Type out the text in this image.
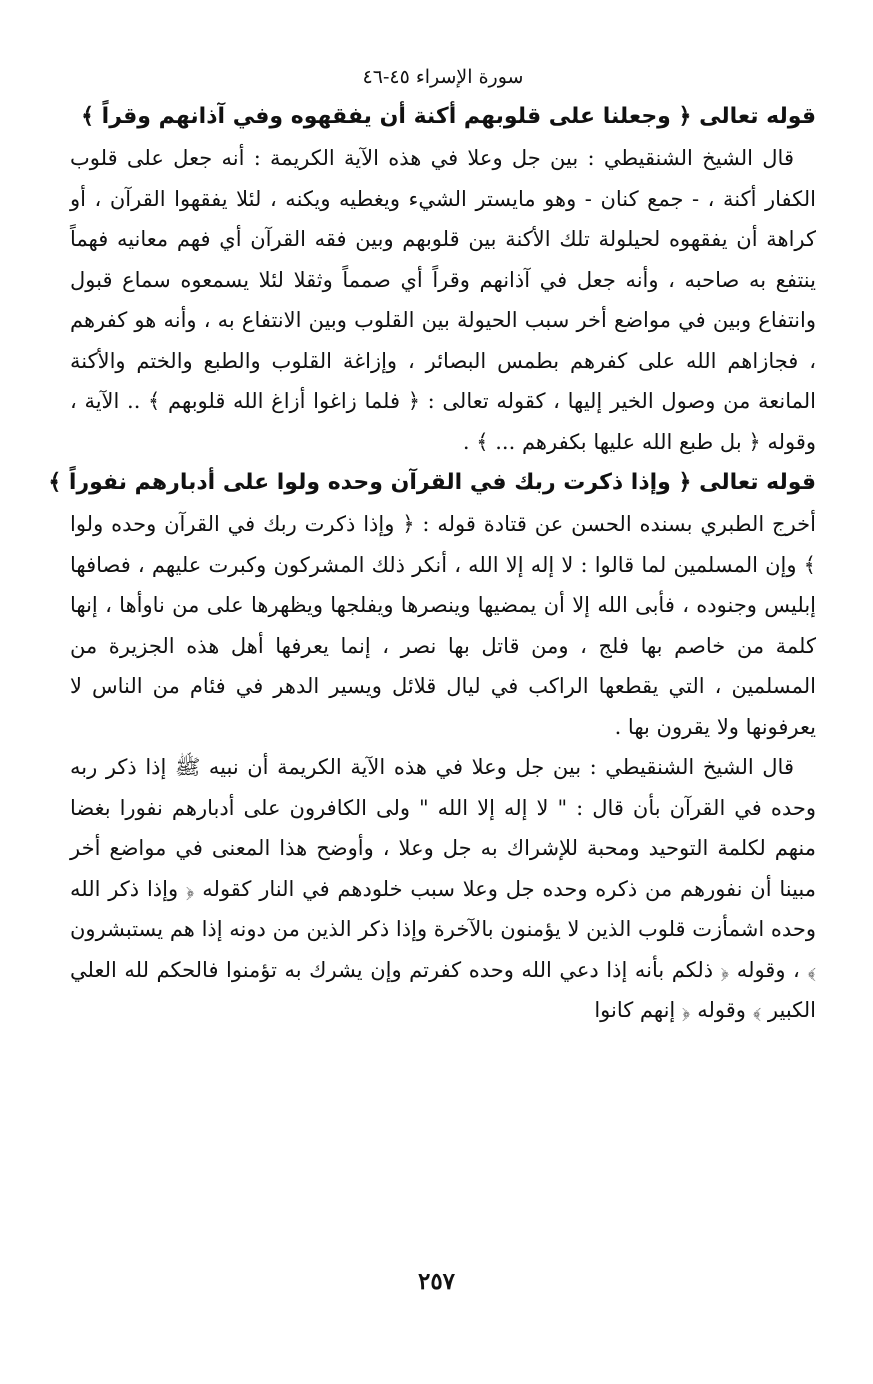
سورة الإسراء ٤٥-٤٦
قوله تعالى ﴿ وجعلنا على قلوبهم أكنة أن يفقهوه وفي آذانهم وقراً ﴾

قال الشيخ الشنقيطي : بين جل وعلا في هذه الآية الكريمة : أنه جعل على قلوب الكفار أكنة ، - جمع كنان - وهو مايستر الشيء ويغطيه ويكنه ، لئلا يفقهوا القرآن ، أو كراهة أن يفقهوه لحيلولة تلك الأكنة بين قلوبهم وبين فقه القرآن أي فهم معانيه فهماً ينتفع به صاحبه ، وأنه جعل في آذانهم وقراً أي صمماً وثقلا لئلا يسمعوه سماع قبول وانتفاع وبين في مواضع أخر سبب الحيولة بين القلوب وبين الانتفاع به ، وأنه هو كفرهم ، فجازاهم الله على كفرهم بطمس البصائر ، وإزاغة القلوب والطبع والختم والأكنة المانعة من وصول الخير إليها ، كقوله تعالى : ﴿ فلما زاغوا أزاغ الله قلوبهم ﴾ .. الآية ، وقوله ﴿ بل طبع الله عليها بكفرهم ... ﴾ .

قوله تعالى ﴿ وإذا ذكرت ربك في القرآن وحده ولوا على أدبارهم نفوراً ﴾

أخرج الطبري بسنده الحسن عن قتادة قوله : ﴿ وإذا ذكرت ربك في القرآن وحده ولوا ﴾ وإن المسلمين لما قالوا : لا إله إلا الله ، أنكر ذلك المشركون وكبرت عليهم ، فصافها إبليس وجنوده ، فأبى الله إلا أن يمضيها وينصرها ويفلجها ويظهرها على من ناوأها ، إنها كلمة من خاصم بها فلج ، ومن قاتل بها نصر ، إنما يعرفها أهل هذه الجزيرة من المسلمين ، التي يقطعها الراكب في ليال قلائل ويسير الدهر في فئام من الناس لا يعرفونها ولا يقرون بها .

قال الشيخ الشنقيطي : بين جل وعلا في هذه الآية الكريمة أن نبيه ﷺ إذا ذكر ربه وحده في القرآن بأن قال : " لا إله إلا الله " ولى الكافرون على أدبارهم نفورا بغضا منهم لكلمة التوحيد ومحبة للإشراك به جل وعلا ، وأوضح هذا المعنى في مواضع أخر مبينا أن نفورهم من ذكره وحده جل وعلا سبب خلودهم في النار كقوله ﴿ وإذا ذكر الله وحده اشمأزت قلوب الذين لا يؤمنون بالآخرة وإذا ذكر الذين من دونه إذا هم يستبشرون ﴾ ، وقوله ﴿ ذلكم بأنه إذا دعي الله وحده كفرتم وإن يشرك به تؤمنوا فالحكم لله العلي الكبير ﴾ وقوله ﴿ إنهم كانوا

٢٥٧
